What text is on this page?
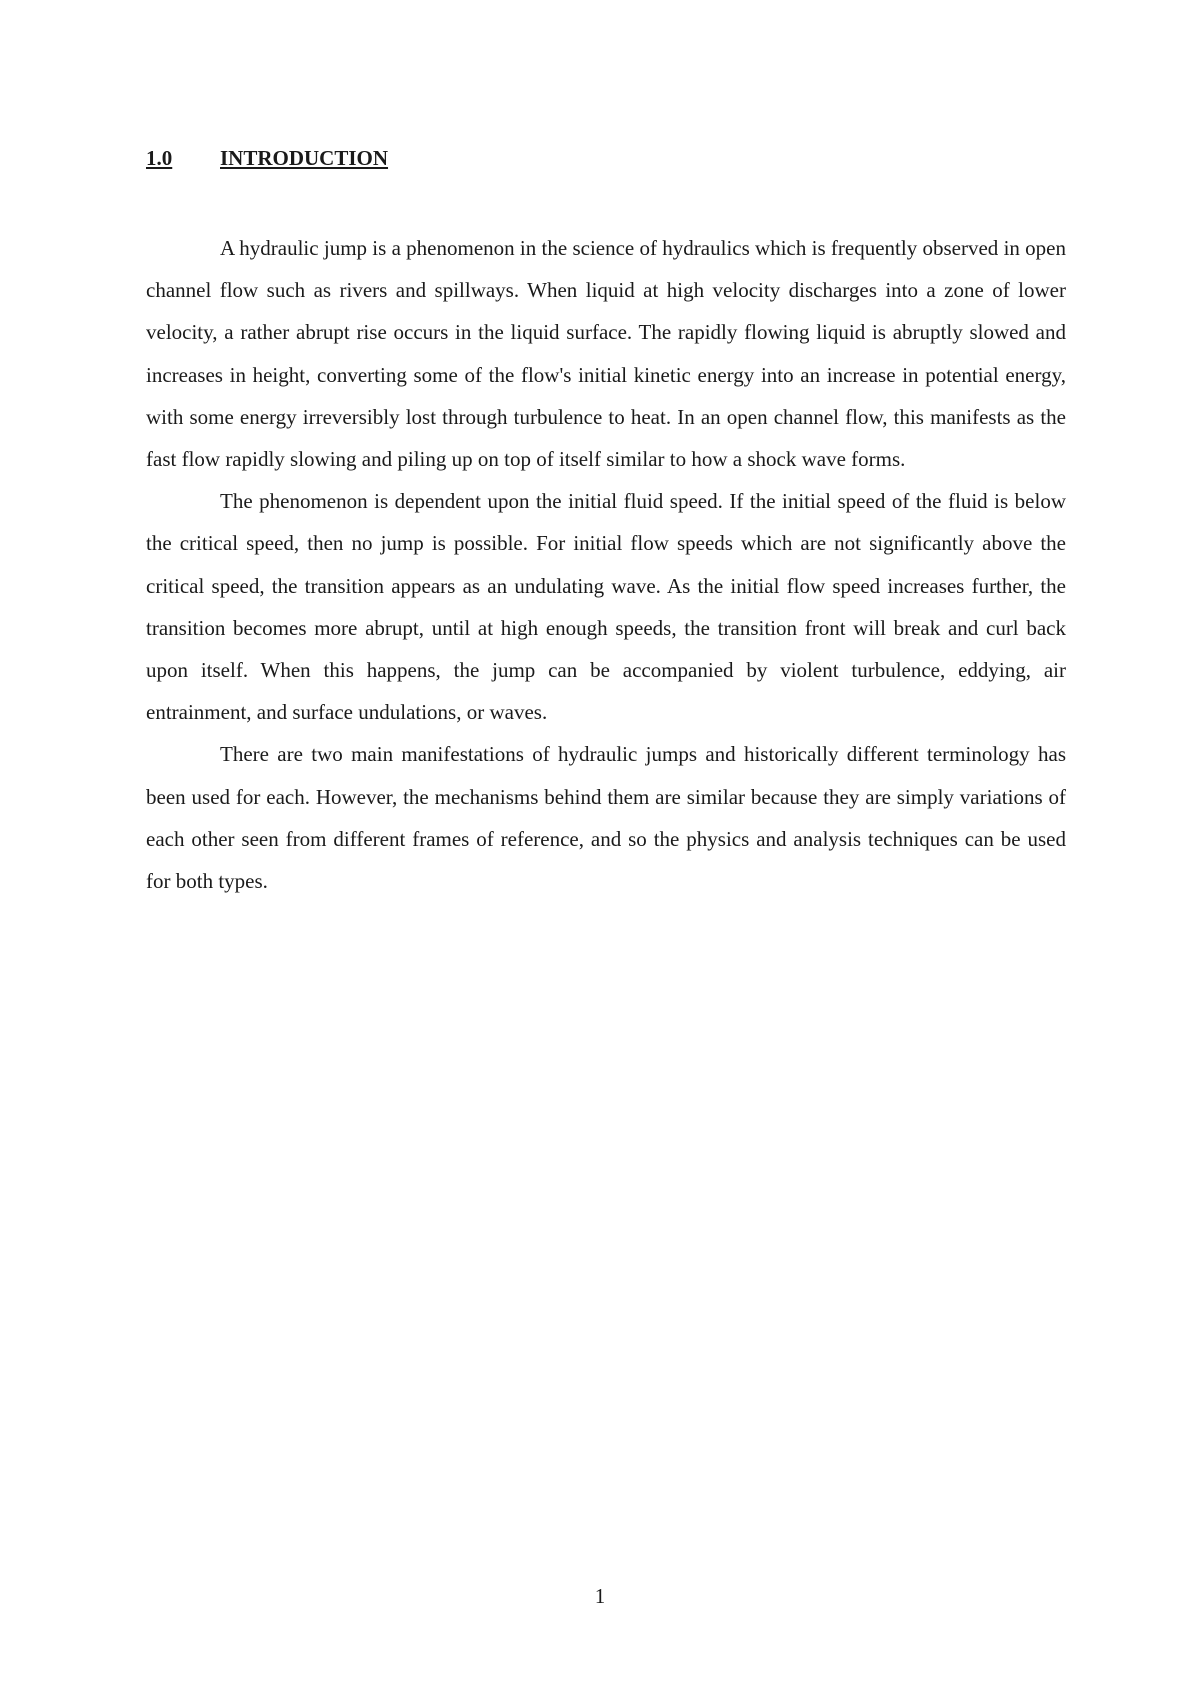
1.0	INTRODUCTION

A hydraulic jump is a phenomenon in the science of hydraulics which is frequently observed in open channel flow such as rivers and spillways. When liquid at high velocity discharges into a zone of lower velocity, a rather abrupt rise occurs in the liquid surface. The rapidly flowing liquid is abruptly slowed and increases in height, converting some of the flow's initial kinetic energy into an increase in potential energy, with some energy irreversibly lost through turbulence to heat. In an open channel flow, this manifests as the fast flow rapidly slowing and piling up on top of itself similar to how a shock wave forms.

The phenomenon is dependent upon the initial fluid speed. If the initial speed of the fluid is below the critical speed, then no jump is possible. For initial flow speeds which are not significantly above the critical speed, the transition appears as an undulating wave. As the initial flow speed increases further, the transition becomes more abrupt, until at high enough speeds, the transition front will break and curl back upon itself. When this happens, the jump can be accompanied by violent turbulence, eddying, air entrainment, and surface undulations, or waves.

There are two main manifestations of hydraulic jumps and historically different terminology has been used for each. However, the mechanisms behind them are similar because they are simply variations of each other seen from different frames of reference, and so the physics and analysis techniques can be used for both types.

1
